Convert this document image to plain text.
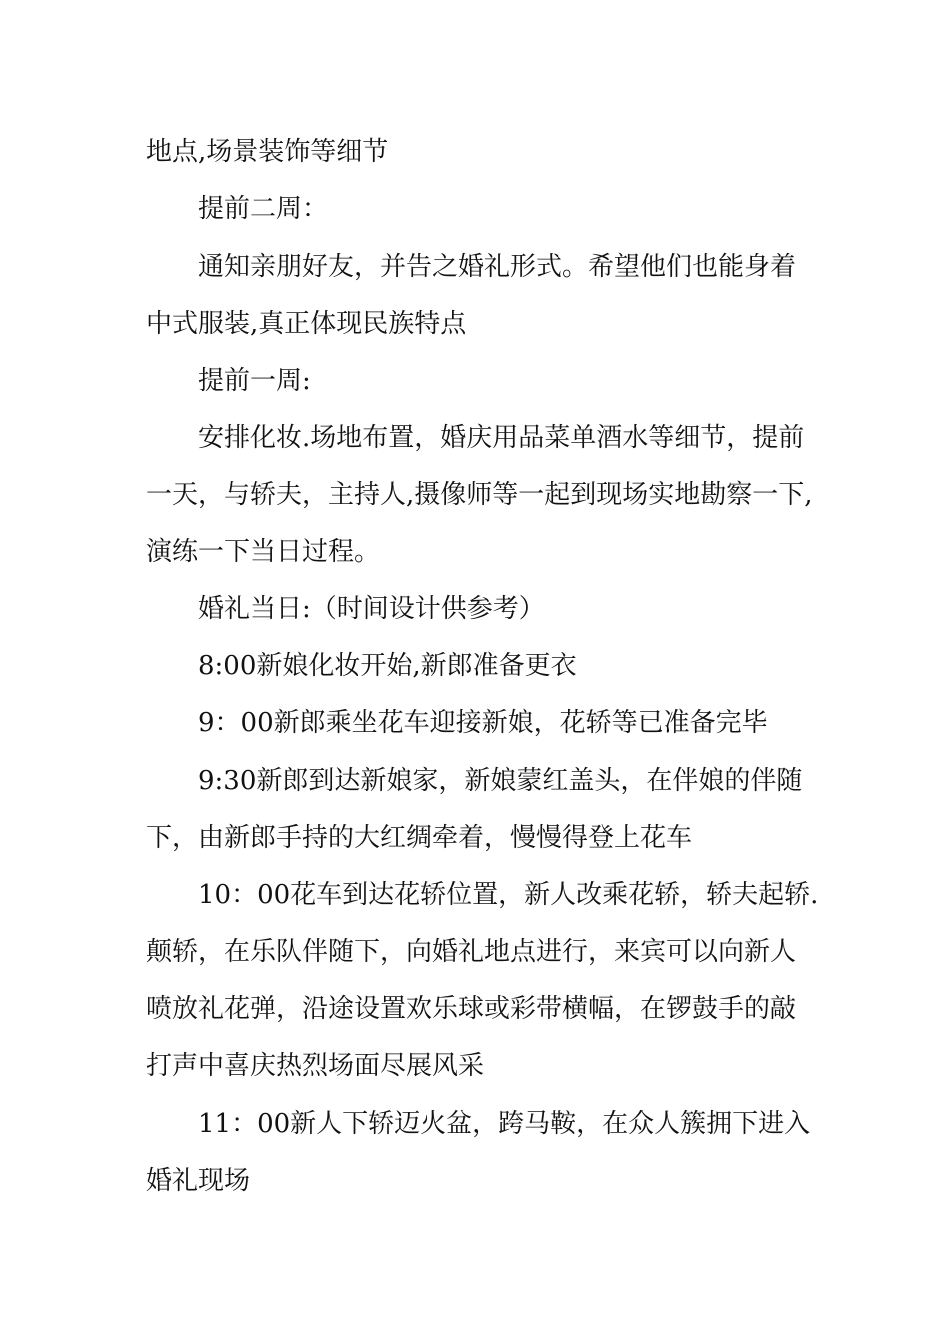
地点,场景装饰等细节
提前二周：
通知亲朋好友，并告之婚礼形式。希望他们也能身着
中式服装,真正体现民族特点
提前一周:
安排化妆.场地布置，婚庆用品菜单酒水等细节，提前
一天，与轿夫，主持人,摄像师等一起到现场实地勘察一下,
演练一下当日过程。
婚礼当日:（时间设计供参考）
8:00新娘化妆开始,新郎准备更衣
9：00新郎乘坐花车迎接新娘，花轿等已准备完毕
9:30新郎到达新娘家，新娘蒙红盖头，在伴娘的伴随
下，由新郎手持的大红绸牵着，慢慢得登上花车
10：00花车到达花轿位置，新人改乘花轿，轿夫起轿.
颠轿，在乐队伴随下，向婚礼地点进行，来宾可以向新人
喷放礼花弹，沿途设置欢乐球或彩带横幅，在锣鼓手的敲
打声中喜庆热烈场面尽展风采
11：00新人下轿迈火盆，跨马鞍，在众人簇拥下进入
婚礼现场
